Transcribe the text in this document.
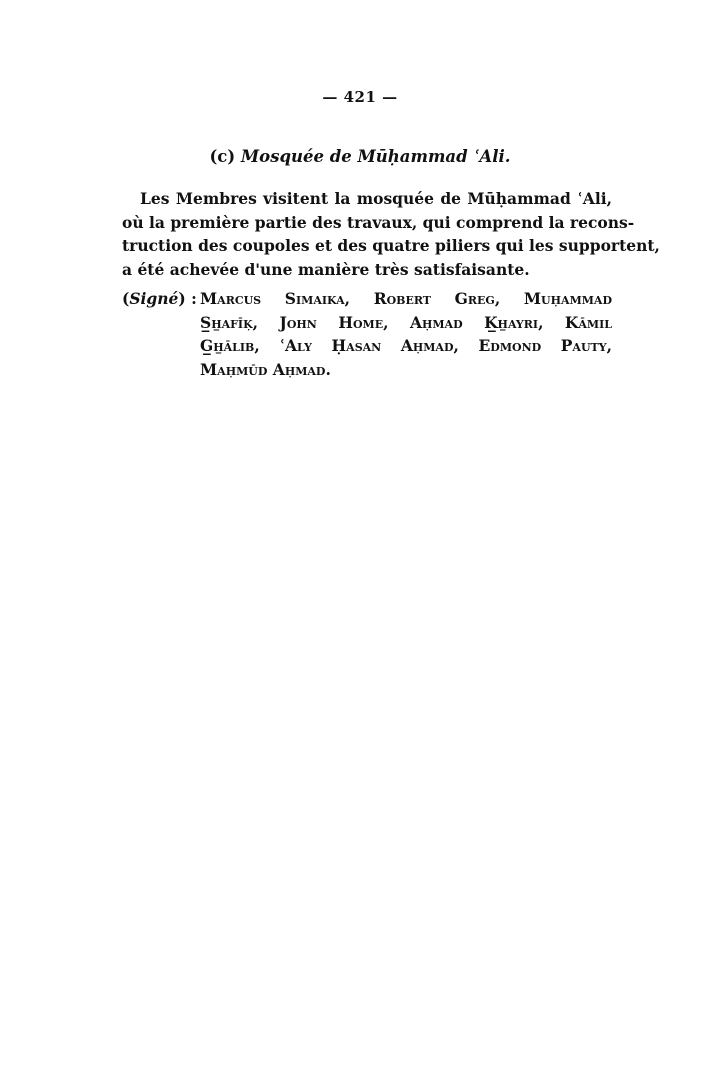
— 421 —
(c) Mosquée de Mūḥammad ʿAli.
Les Membres visitent la mosquée de Mūḥammad ʿAli,
où la première partie des travaux, qui comprend la recons-
truction des coupoles et des quatre piliers qui les supportent,
a été achevée d'une manière très satisfaisante.
(Signé) : Marcus Simaika, Robert Greg, Muḥammad
S̲h̲afīḳ, John Home, Aḥmad K̲h̲ayri, Kāmil
G̲h̲ālib, ʿAly Ḥasan Aḥmad, Edmond Pauty,
Maḥmūd Aḥmad.
